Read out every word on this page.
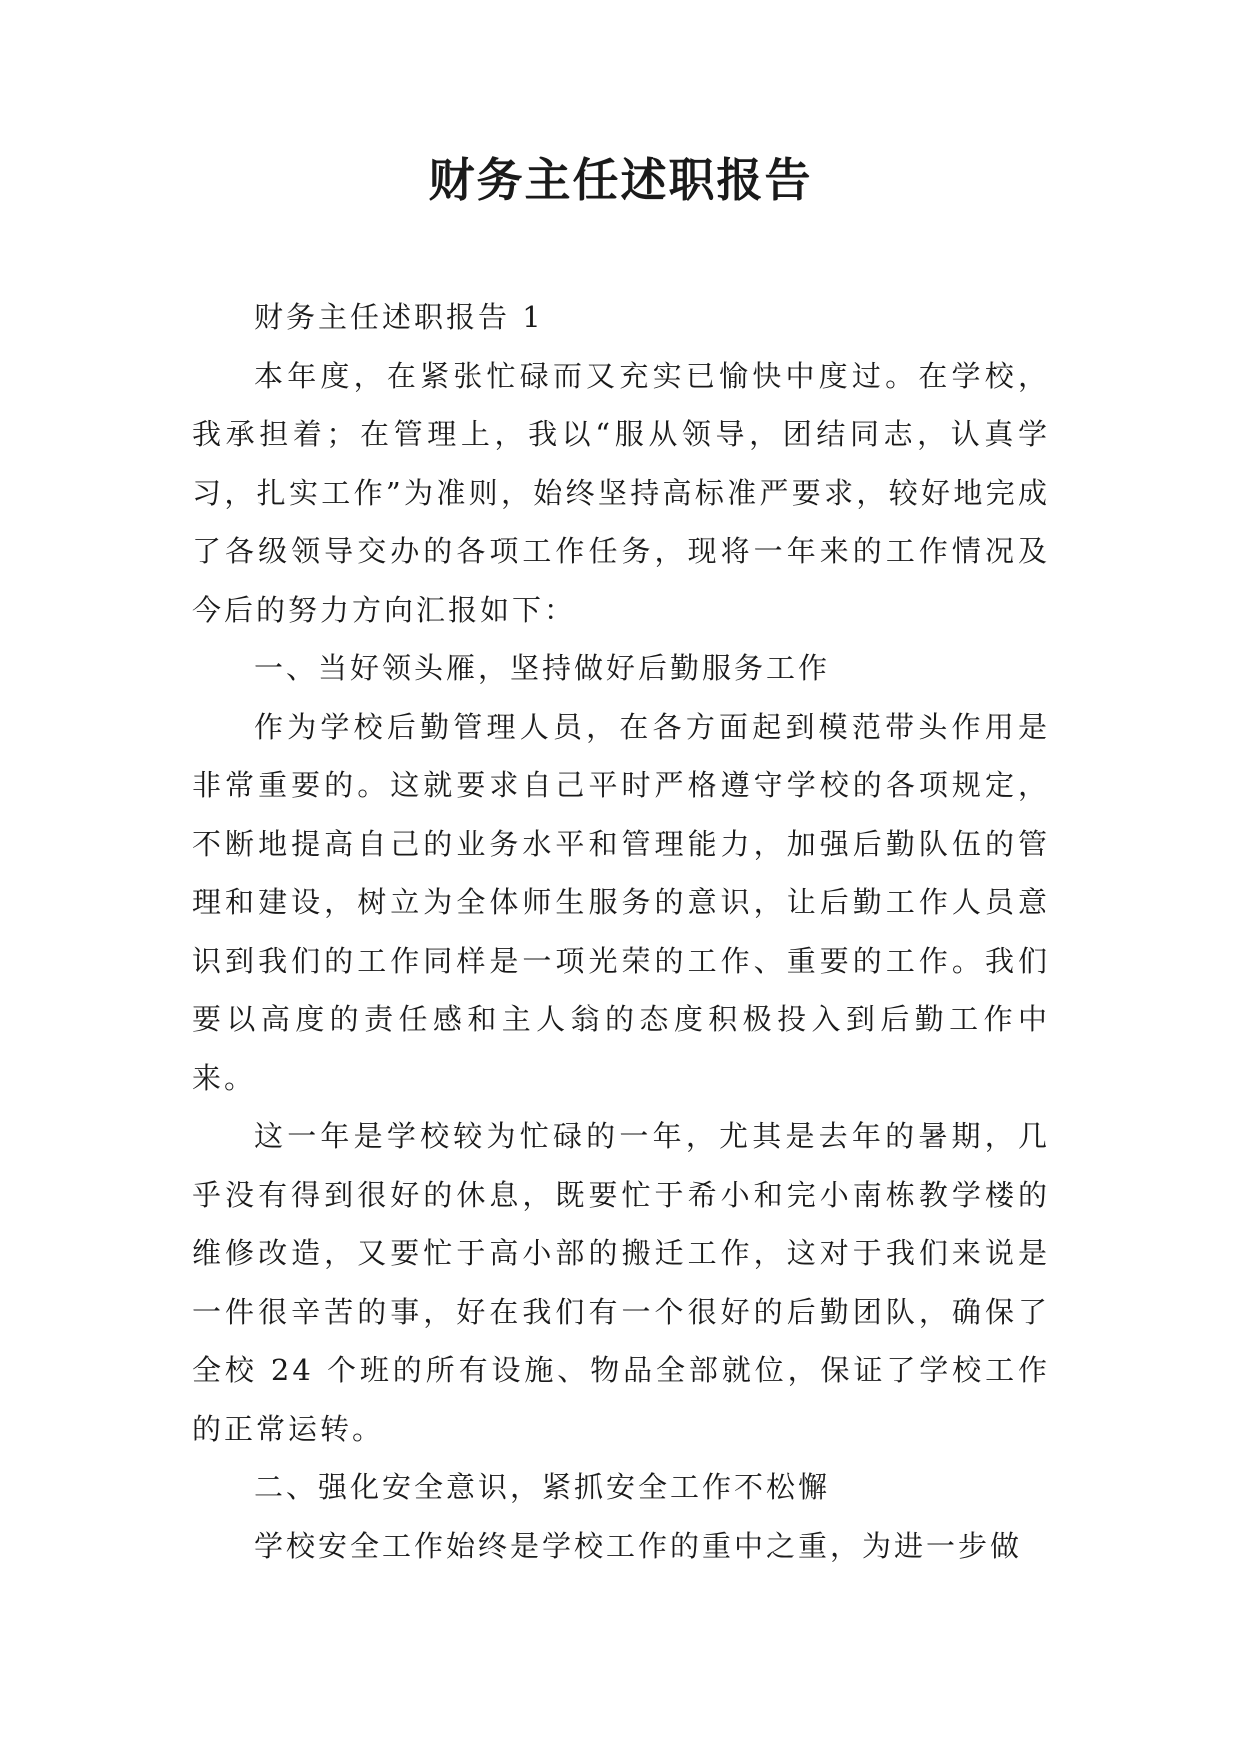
财务主任述职报告

财务主任述职报告 1

本年度，在紧张忙碌而又充实已愉快中度过。在学校，我承担着；在管理上，我以“服从领导，团结同志，认真学习，扎实工作”为准则，始终坚持高标准严要求，较好地完成了各级领导交办的各项工作任务，现将一年来的工作情况及今后的努力方向汇报如下：

一、当好领头雁，坚持做好后勤服务工作

作为学校后勤管理人员，在各方面起到模范带头作用是非常重要的。这就要求自己平时严格遵守学校的各项规定，不断地提高自己的业务水平和管理能力，加强后勤队伍的管理和建设，树立为全体师生服务的意识，让后勤工作人员意识到我们的工作同样是一项光荣的工作、重要的工作。我们要以高度的责任感和主人翁的态度积极投入到后勤工作中来。

这一年是学校较为忙碌的一年，尤其是去年的暑期，几乎没有得到很好的休息，既要忙于希小和完小南栋教学楼的维修改造，又要忙于高小部的搬迁工作，这对于我们来说是一件很辛苦的事，好在我们有一个很好的后勤团队，确保了全校 24 个班的所有设施、物品全部就位，保证了学校工作的正常运转。

二、强化安全意识，紧抓安全工作不松懈

学校安全工作始终是学校工作的重中之重，为进一步做
